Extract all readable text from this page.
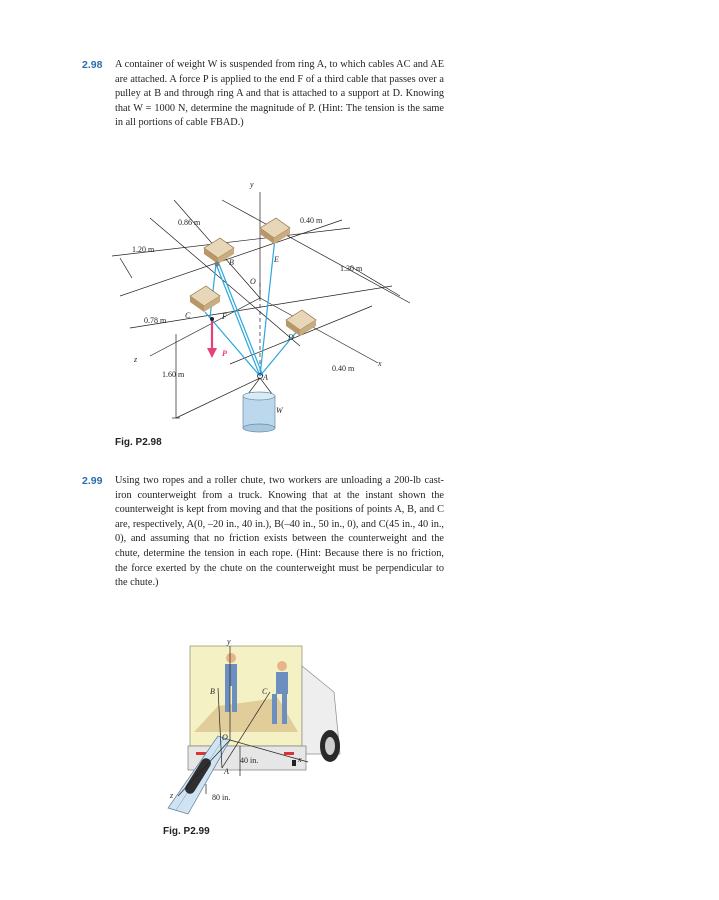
2.98 A container of weight W is suspended from ring A, to which cables AC and AE are attached. A force P is applied to the end F of a third cable that passes over a pulley at B and through ring A and that is attached to a support at D. Knowing that W = 1000 N, determine the magnitude of P. (Hint: The tension is the same in all portions of cable FBAD.)
y
z	x
O
A
B
C
D
E
F
P
W
0.86 m	0.40 m
1.20 m
1.30 m
0.78 m
1.60 m
0.40 m
Fig. P2.98
2.99 Using two ropes and a roller chute, two workers are unloading a 200-lb cast-iron counterweight from a truck. Knowing that at the instant shown the counterweight is kept from moving and that the positions of points A, B, and C are, respectively, A(0, –20 in., 40 in.), B(–40 in., 50 in., 0), and C(45 in., 40 in., 0), and assuming that no friction exists between the counterweight and the chute, determine the tension in each rope. (Hint: Because there is no friction, the force exerted by the chute on the counterweight must be perpendicular to the chute.)
y
z
x
O
A
B	C
40 in.
80 in.
Fig. P2.99
